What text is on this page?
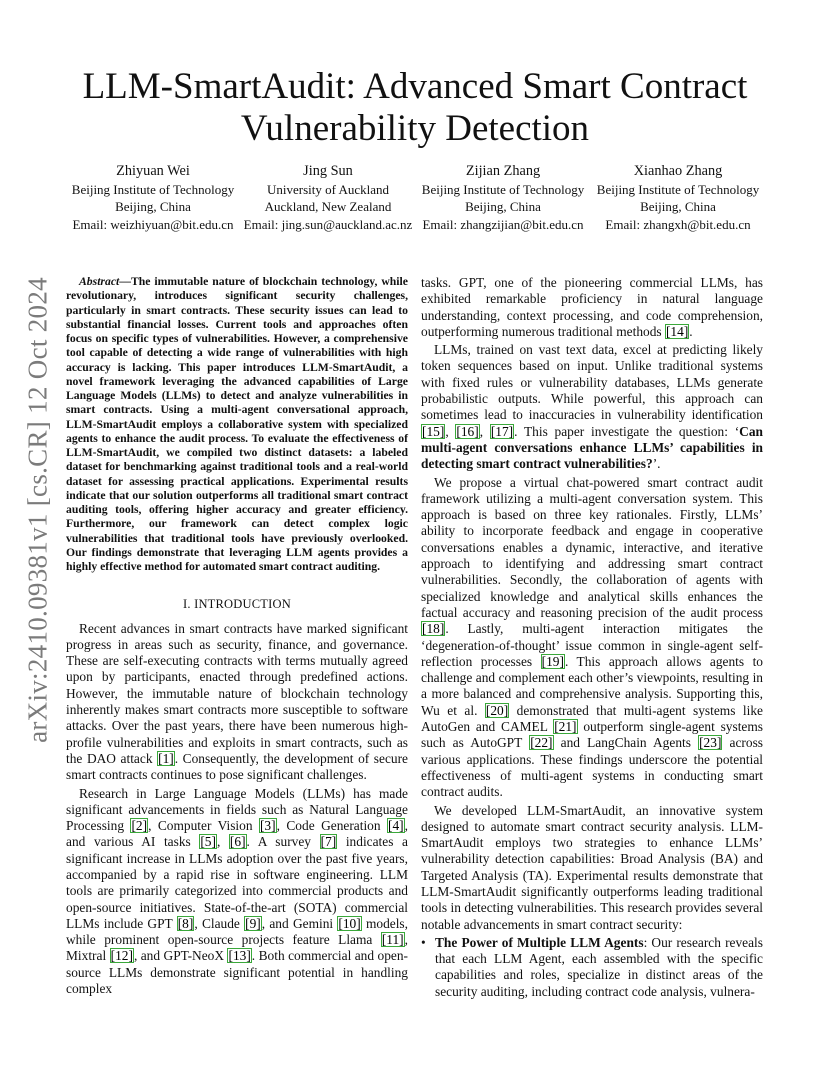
arXiv:2410.09381v1 [cs.CR] 12 Oct 2024
LLM-SmartAudit: Advanced Smart Contract Vulnerability Detection
Zhiyuan Wei
Beijing Institute of Technology
Beijing, China
Email: weizhiyuan@bit.edu.cn
Jing Sun
University of Auckland
Auckland, New Zealand
Email: jing.sun@auckland.ac.nz
Zijian Zhang
Beijing Institute of Technology
Beijing, China
Email: zhangzijian@bit.edu.cn
Xianhao Zhang
Beijing Institute of Technology
Beijing, China
Email: zhangxh@bit.edu.cn

Abstract—The immutable nature of blockchain technology, while revolutionary, introduces significant security challenges, particularly in smart contracts. These security issues can lead to substantial financial losses. Current tools and approaches often focus on specific types of vulnerabilities. However, a comprehensive tool capable of detecting a wide range of vulnerabilities with high accuracy is lacking. This paper introduces LLM-SmartAudit, a novel framework leveraging the advanced capabilities of Large Language Models (LLMs) to detect and analyze vulnerabilities in smart contracts. Using a multi-agent conversational approach, LLM-SmartAudit employs a collaborative system with specialized agents to enhance the audit process. To evaluate the effectiveness of LLM-SmartAudit, we compiled two distinct datasets: a labeled dataset for benchmarking against traditional tools and a real-world dataset for assessing practical applications. Experimental results indicate that our solution outperforms all traditional smart contract auditing tools, offering higher accuracy and greater efficiency. Furthermore, our framework can detect complex logic vulnerabilities that traditional tools have previously overlooked. Our findings demonstrate that leveraging LLM agents provides a highly effective method for automated smart contract auditing.

I. INTRODUCTION

Recent advances in smart contracts have marked significant progress in areas such as security, finance, and governance. These are self-executing contracts with terms mutually agreed upon by participants, enacted through predefined actions. However, the immutable nature of blockchain technology inherently makes smart contracts more susceptible to software attacks. Over the past years, there have been numerous high-profile vulnerabilities and exploits in smart contracts, such as the DAO attack [1]. Consequently, the development of secure smart contracts continues to pose significant challenges.

Research in Large Language Models (LLMs) has made significant advancements in fields such as Natural Language Processing [2], Computer Vision [3], Code Generation [4], and various AI tasks [5], [6]. A survey [7] indicates a significant increase in LLMs adoption over the past five years, accompanied by a rapid rise in software engineering. LLM tools are primarily categorized into commercial products and open-source initiatives. State-of-the-art (SOTA) commercial LLMs include GPT [8], Claude [9], and Gemini [10] models, while prominent open-source projects feature Llama [11], Mixtral [12], and GPT-NeoX [13]. Both commercial and open-source LLMs demonstrate significant potential in handling complex

tasks. GPT, one of the pioneering commercial LLMs, has exhibited remarkable proficiency in natural language understanding, context processing, and code comprehension, outperforming numerous traditional methods [14].

LLMs, trained on vast text data, excel at predicting likely token sequences based on input. Unlike traditional systems with fixed rules or vulnerability databases, LLMs generate probabilistic outputs. While powerful, this approach can sometimes lead to inaccuracies in vulnerability identification [15], [16], [17]. This paper investigate the question: ‘Can multi-agent conversations enhance LLMs’ capabilities in detecting smart contract vulnerabilities?’.

We propose a virtual chat-powered smart contract audit framework utilizing a multi-agent conversation system. This approach is based on three key rationales. Firstly, LLMs’ ability to incorporate feedback and engage in cooperative conversations enables a dynamic, interactive, and iterative approach to identifying and addressing smart contract vulnerabilities. Secondly, the collaboration of agents with specialized knowledge and analytical skills enhances the factual accuracy and reasoning precision of the audit process [18]. Lastly, multi-agent interaction mitigates the ‘degeneration-of-thought’ issue common in single-agent self-reflection processes [19]. This approach allows agents to challenge and complement each other’s viewpoints, resulting in a more balanced and comprehensive analysis. Supporting this, Wu et al. [20] demonstrated that multi-agent systems like AutoGen and CAMEL [21] outperform single-agent systems such as AutoGPT [22] and LangChain Agents [23] across various applications. These findings underscore the potential effectiveness of multi-agent systems in conducting smart contract audits.

We developed LLM-SmartAudit, an innovative system designed to automate smart contract security analysis. LLM-SmartAudit employs two strategies to enhance LLMs’ vulnerability detection capabilities: Broad Analysis (BA) and Targeted Analysis (TA). Experimental results demonstrate that LLM-SmartAudit significantly outperforms leading traditional tools in detecting vulnerabilities. This research provides several notable advancements in smart contract security:

• The Power of Multiple LLM Agents: Our research reveals that each LLM Agent, each assembled with the specific capabilities and roles, specialize in distinct areas of the security auditing, including contract code analysis, vulnera-
